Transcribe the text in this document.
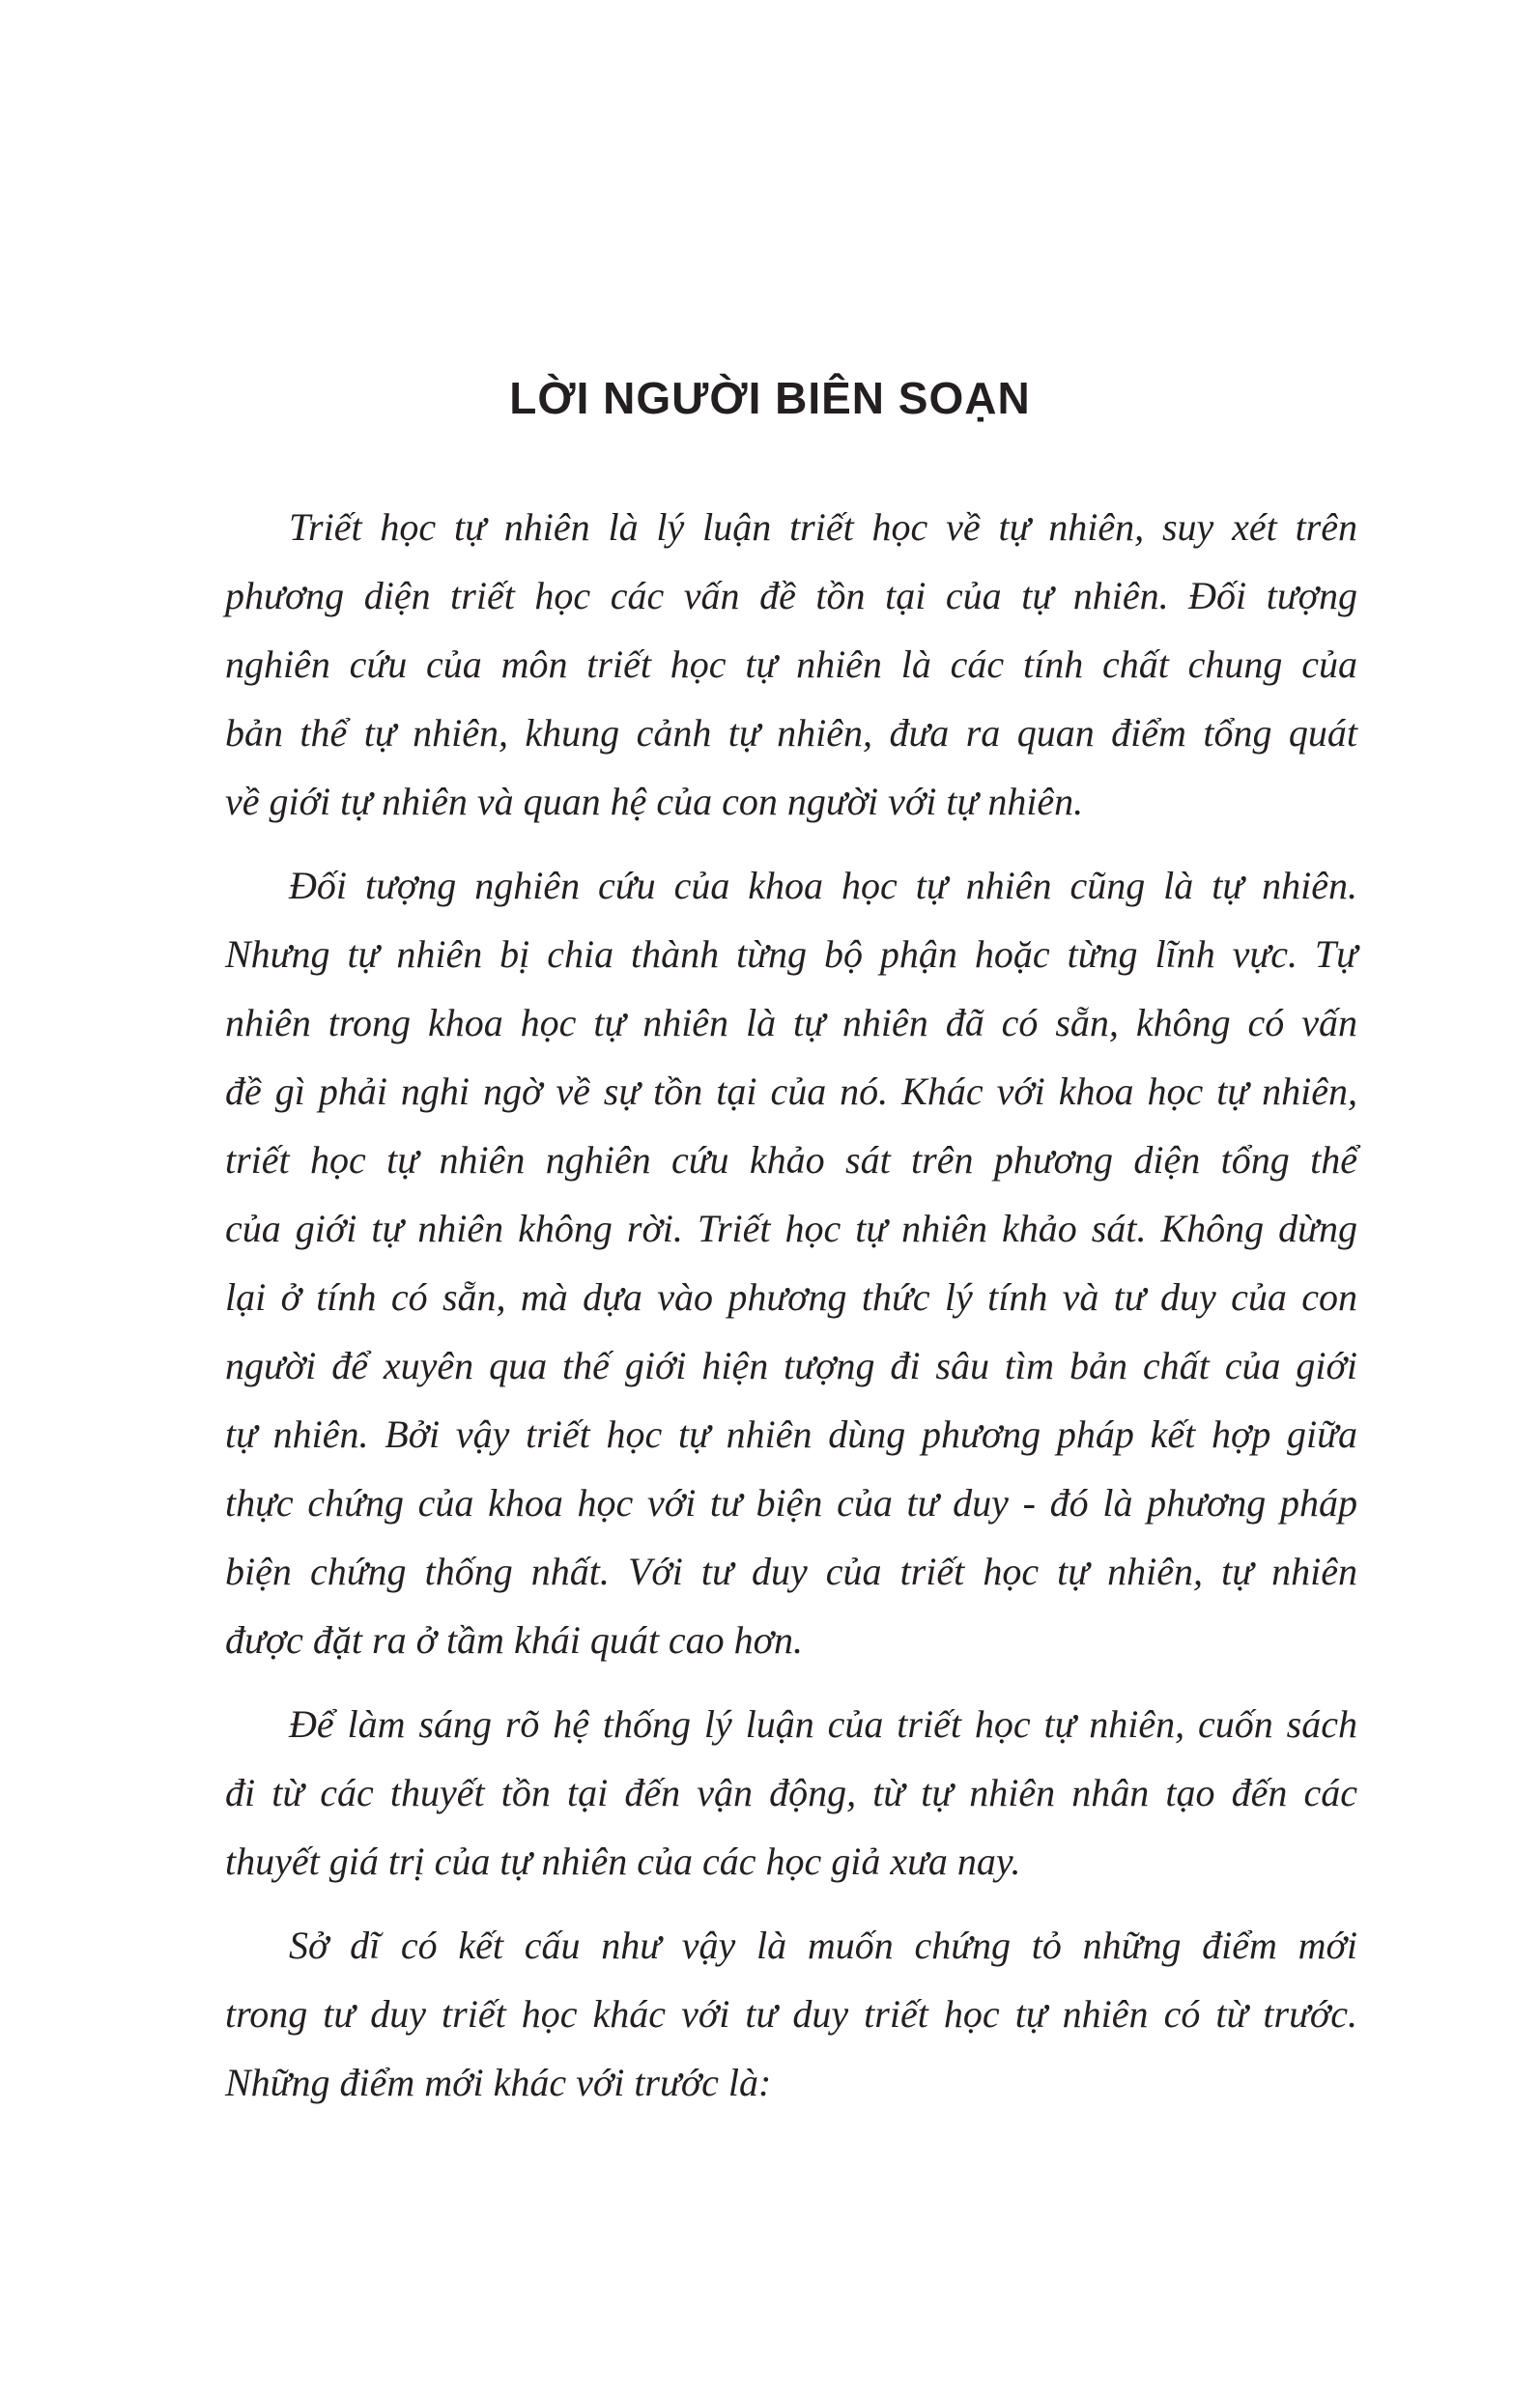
LỜI NGƯỜI BIÊN SOẠN
Triết học tự nhiên là lý luận triết học về tự nhiên, suy xét trên
phương diện triết học các vấn đề tồn tại của tự nhiên. Đối tượng
nghiên cứu của môn triết học tự nhiên là các tính chất chung của
bản thể tự nhiên, khung cảnh tự nhiên, đưa ra quan điểm tổng quát
về giới tự nhiên và quan hệ của con người với tự nhiên.
Đối tượng nghiên cứu của khoa học tự nhiên cũng là tự nhiên.
Nhưng tự nhiên bị chia thành từng bộ phận hoặc từng lĩnh vực. Tự
nhiên trong khoa học tự nhiên là tự nhiên đã có sẵn, không có vấn
đề gì phải nghi ngờ về sự tồn tại của nó. Khác với khoa học tự nhiên,
triết học tự nhiên nghiên cứu khảo sát trên phương diện tổng thể
của giới tự nhiên không rời. Triết học tự nhiên khảo sát. Không dừng
lại ở tính có sẵn, mà dựa vào phương thức lý tính và tư duy của con
người để xuyên qua thế giới hiện tượng đi sâu tìm bản chất của giới
tự nhiên. Bởi vậy triết học tự nhiên dùng phương pháp kết hợp giữa
thực chứng của khoa học với tư biện của tư duy - đó là phương pháp
biện chứng thống nhất. Với tư duy của triết học tự nhiên, tự nhiên
được đặt ra ở tầm khái quát cao hơn.
Để làm sáng rõ hệ thống lý luận của triết học tự nhiên, cuốn sách
đi từ các thuyết tồn tại đến vận động, từ tự nhiên nhân tạo đến các
thuyết giá trị của tự nhiên của các học giả xưa nay.
Sở dĩ có kết cấu như vậy là muốn chứng tỏ những điểm mới
trong tư duy triết học khác với tư duy triết học tự nhiên có từ trước.
Những điểm mới khác với trước là:
